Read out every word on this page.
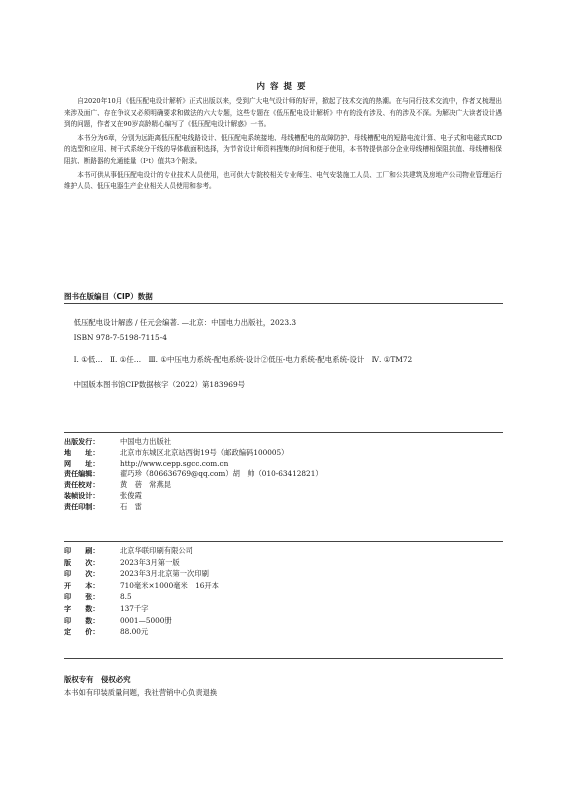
内容提要

自2020年10月《低压配电设计解析》正式出版以来，受到广大电气设计师的好评，掀起了技术交流的热潮。在与同行技术交流中，作者又梳理出来涉及面广、存在争议又必须明确要求和做法的六大专题，这些专题在《低压配电设计解析》中有的没有涉及、有的涉及不深。为解决广大读者设计遇到的问题，作者又在90岁高龄精心编写了《低压配电设计解惑》一书。

本书分为6章，分别为远距离低压配电线路设计、低压配电系统接地、母线槽配电的故障防护、母线槽配电的短路电流计算、电子式和电磁式RCD的选型和应用、树干式系统分干线的导体截面积选择，为节省设计师资料搜集的时间和便于使用，本书特提供部分企业母线槽相保阻抗值、母线槽相保阻抗、断路器的允通能量（I²t）值共3个附录。

本书可供从事低压配电设计的专业技术人员使用，也可供大专院校相关专业师生、电气安装施工人员、工厂和公共建筑及房地产公司物业管理运行维护人员、低压电器生产企业相关人员使用和参考。

图书在版编目（CIP）数据
低压配电设计解惑 / 任元会编著. —北京：中国电力出版社，2023.3
ISBN 978-7-5198-7115-4
Ⅰ. ①低…　Ⅱ. ①任…　Ⅲ. ①中压电力系统-配电系统-设计②低压-电力系统-配电系统-设计　Ⅳ. ①TM72
中国版本图书馆CIP数据核字（2022）第183969号
出版发行：	中国电力出版社
地　　址：	北京市东城区北京站西街19号（邮政编码100005）
网　　址：	http://www.cepp.sgcc.com.cn
责任编辑：	翟巧珍（806636769@qq.com）胡　帅（010-63412821）
责任校对：	黄　蓓　常燕昆
装帧设计：	张俊霞
责任印制：	石　雷
印　　刷：	北京华联印刷有限公司
版　　次：	2023年3月第一版
印　　次：	2023年3月北京第一次印刷
开　　本：	710毫米×1000毫米　16开本
印　　张：	8.5
字　　数：	137千字
印　　数：	0001—5000册
定　　价：	88.00元
版权专有　侵权必究
本书如有印装质量问题，我社营销中心负责退换
